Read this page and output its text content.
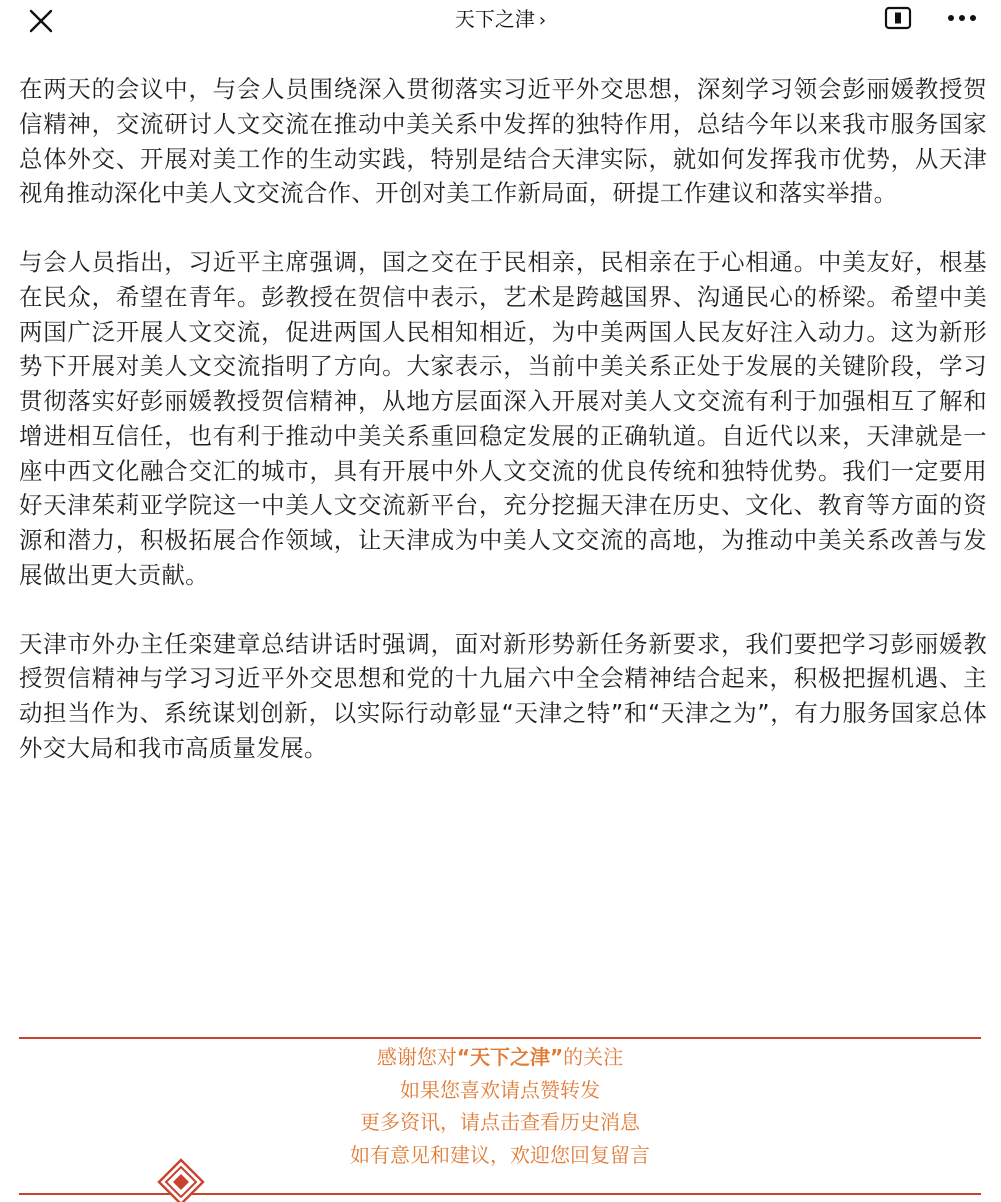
天下之津 ›

在两天的会议中，与会人员围绕深入贯彻落实习近平外交思想，深刻学习领会彭丽媛教授贺信精神，交流研讨人文交流在推动中美关系中发挥的独特作用，总结今年以来我市服务国家总体外交、开展对美工作的生动实践，特别是结合天津实际，就如何发挥我市优势，从天津视角推动深化中美人文交流合作、开创对美工作新局面，研提工作建议和落实举措。

与会人员指出，习近平主席强调，国之交在于民相亲，民相亲在于心相通。中美友好，根基在民众，希望在青年。彭教授在贺信中表示，艺术是跨越国界、沟通民心的桥梁。希望中美两国广泛开展人文交流，促进两国人民相知相近，为中美两国人民友好注入动力。这为新形势下开展对美人文交流指明了方向。大家表示，当前中美关系正处于发展的关键阶段，学习贯彻落实好彭丽媛教授贺信精神，从地方层面深入开展对美人文交流有利于加强相互了解和增进相互信任，也有利于推动中美关系重回稳定发展的正确轨道。自近代以来，天津就是一座中西文化融合交汇的城市，具有开展中外人文交流的优良传统和独特优势。我们一定要用好天津茱莉亚学院这一中美人文交流新平台，充分挖掘天津在历史、文化、教育等方面的资源和潜力，积极拓展合作领域，让天津成为中美人文交流的高地，为推动中美关系改善与发展做出更大贡献。

天津市外办主任栾建章总结讲话时强调，面对新形势新任务新要求，我们要把学习彭丽媛教授贺信精神与学习习近平外交思想和党的十九届六中全会精神结合起来，积极把握机遇、主动担当作为、系统谋划创新，以实际行动彰显“天津之特”和“天津之为”，有力服务国家总体外交大局和我市高质量发展。

感谢您对“天下之津”的关注
如果您喜欢请点赞转发
更多资讯，请点击查看历史消息
如有意见和建议，欢迎您回复留言
